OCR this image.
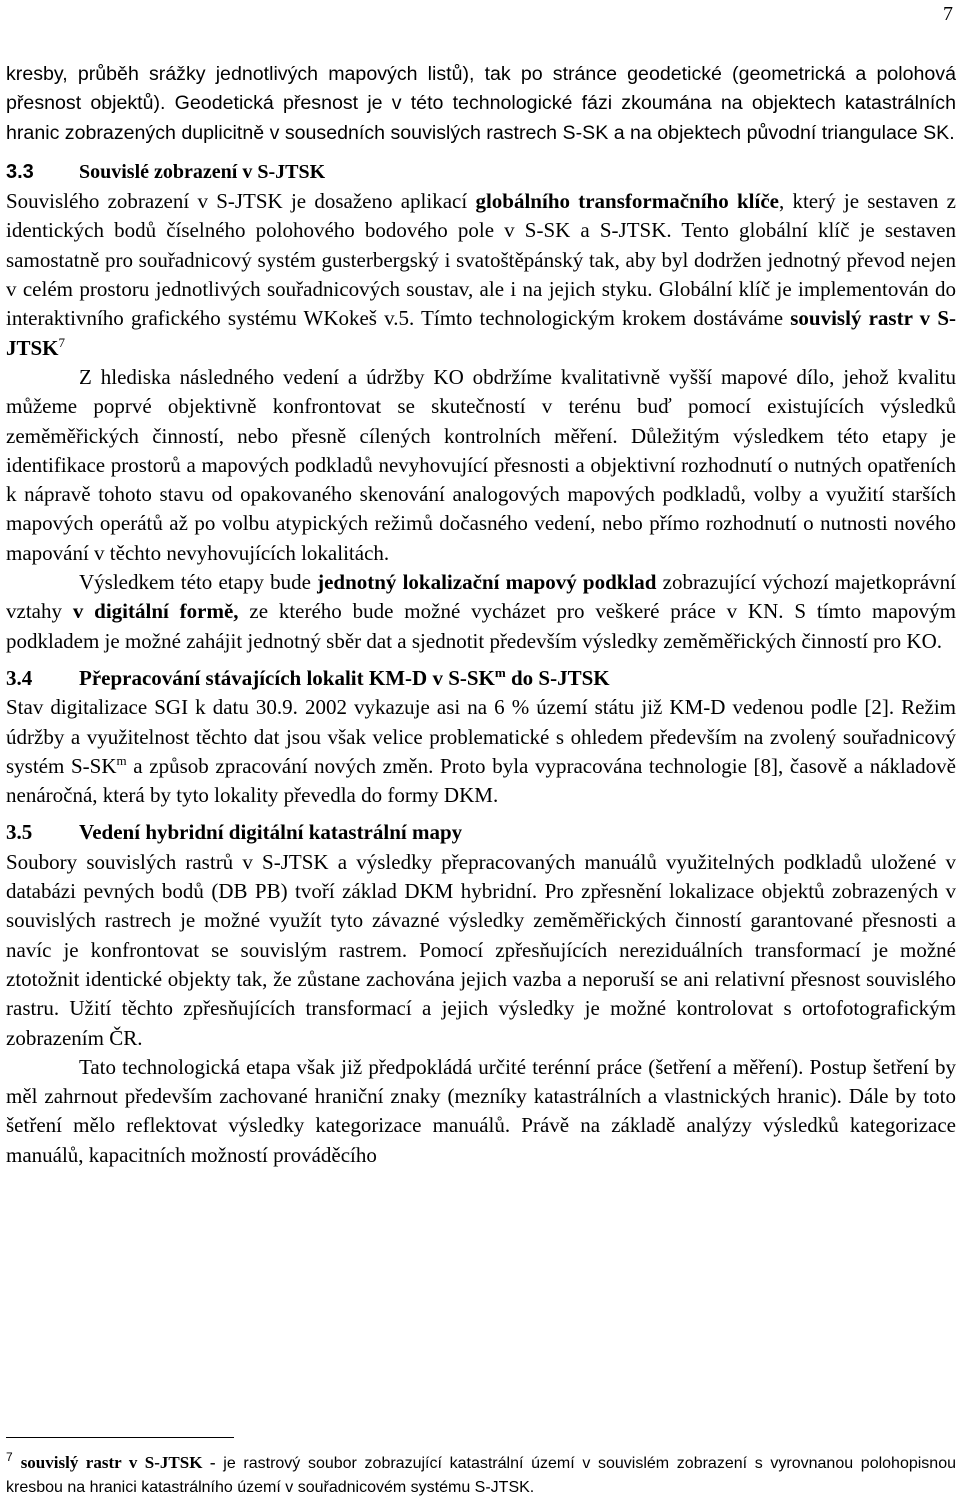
7

kresby, průběh srážky jednotlivých mapových listů), tak po stránce geodetické (geometrická a polohová přesnost objektů). Geodetická přesnost je v této technologické fázi zkoumána na objektech katastrálních hranic zobrazených duplicitně v sousedních souvislých rastrech S-SK a na objektech původní triangulace SK.

3.3 Souvislé zobrazení v S-JTSK

Souvislého zobrazení v S-JTSK je dosaženo aplikací globálního transformačního klíče, který je sestaven z identických bodů číselného polohového bodového pole v S-SK a S-JTSK. Tento globální klíč je sestaven samostatně pro souřadnicový systém gusterbergský i svatoštěpánský tak, aby byl dodržen jednotný převod nejen v celém prostoru jednotlivých souřadnicových soustav, ale i na jejich styku. Globální klíč je implementován do interaktivního grafického systému WKokeš v.5. Tímto technologickým krokem dostáváme souvislý rastr v S-JTSK$^7$

Z hlediska následného vedení a údržby KO obdržíme kvalitativně vyšší mapové dílo, jehož kvalitu můžeme poprvé objektivně konfrontovat se skutečností v terénu buď pomocí existujících výsledků zeměměřických činností, nebo přesně cílených kontrolních měření. Důležitým výsledkem této etapy je identifikace prostorů a mapových podkladů nevyhovující přesnosti a objektivní rozhodnutí o nutných opatřeních k nápravě tohoto stavu od opakovaného skenování analogových mapových podkladů, volby a využití starších mapových operátů až po volbu atypických režimů dočasného vedení, nebo přímo rozhodnutí o nutnosti nového mapování v těchto nevyhovujících lokalitách.

Výsledkem této etapy bude jednotný lokalizační mapový podklad zobrazující výchozí majetkoprávní vztahy v digitální formě, ze kterého bude možné vycházet pro veškeré práce v KN. S tímto mapovým podkladem je možné zahájit jednotný sběr dat a sjednotit především výsledky zeměměřických činností pro KO.

3.4 Přepracování stávajících lokalit KM-D v $S-SK^m$ do S-JTSK

Stav digitalizace SGI k datu 30.9. 2002 vykazuje asi na 6 % území státu již KM-D vedenou podle [2]. Režim údržby a využitelnost těchto dat jsou však velice problematické s ohledem především na zvolený souřadnicový systém $S-SK^m$ a způsob zpracování nových změn. Proto byla vypracována technologie [8], časově a nákladově nenáročná, která by tyto lokality převedla do formy DKM.

3.5 Vedení hybridní digitální katastrální mapy

Soubory souvislých rastrů v S-JTSK a výsledky přepracovaných manuálů využitelných podkladů uložené v databázi pevných bodů (DB PB) tvoří základ DKM hybridní. Pro zpřesnění lokalizace objektů zobrazených v souvislých rastrech je možné využít tyto závazné výsledky zeměměřických činností garantované přesnosti a navíc je konfrontovat se souvislým rastrem. Pomocí zpřesňujících nereziduálních transformací je možné ztotožnit identické objekty tak, že zůstane zachována jejich vazba a neporuší se ani relativní přesnost souvislého rastru. Užití těchto zpřesňujících transformací a jejich výsledky je možné kontrolovat s ortofotografickým zobrazením ČR.

Tato technologická etapa však již předpokládá určité terénní práce (šetření a měření). Postup šetření by měl zahrnout především zachované hraniční znaky (mezníky katastrálních a vlastnických hranic). Dále by toto šetření mělo reflektovat výsledky kategorizace manuálů. Právě na základě analýzy výsledků kategorizace manuálů, kapacitních možností prováděcího

$^7$ souvislý rastr v S-JTSK - je rastrový soubor zobrazující katastrální území v souvislém zobrazení s vyrovnanou polohopisnou kresbou na hranici katastrálního území v souřadnicovém systému S-JTSK.
